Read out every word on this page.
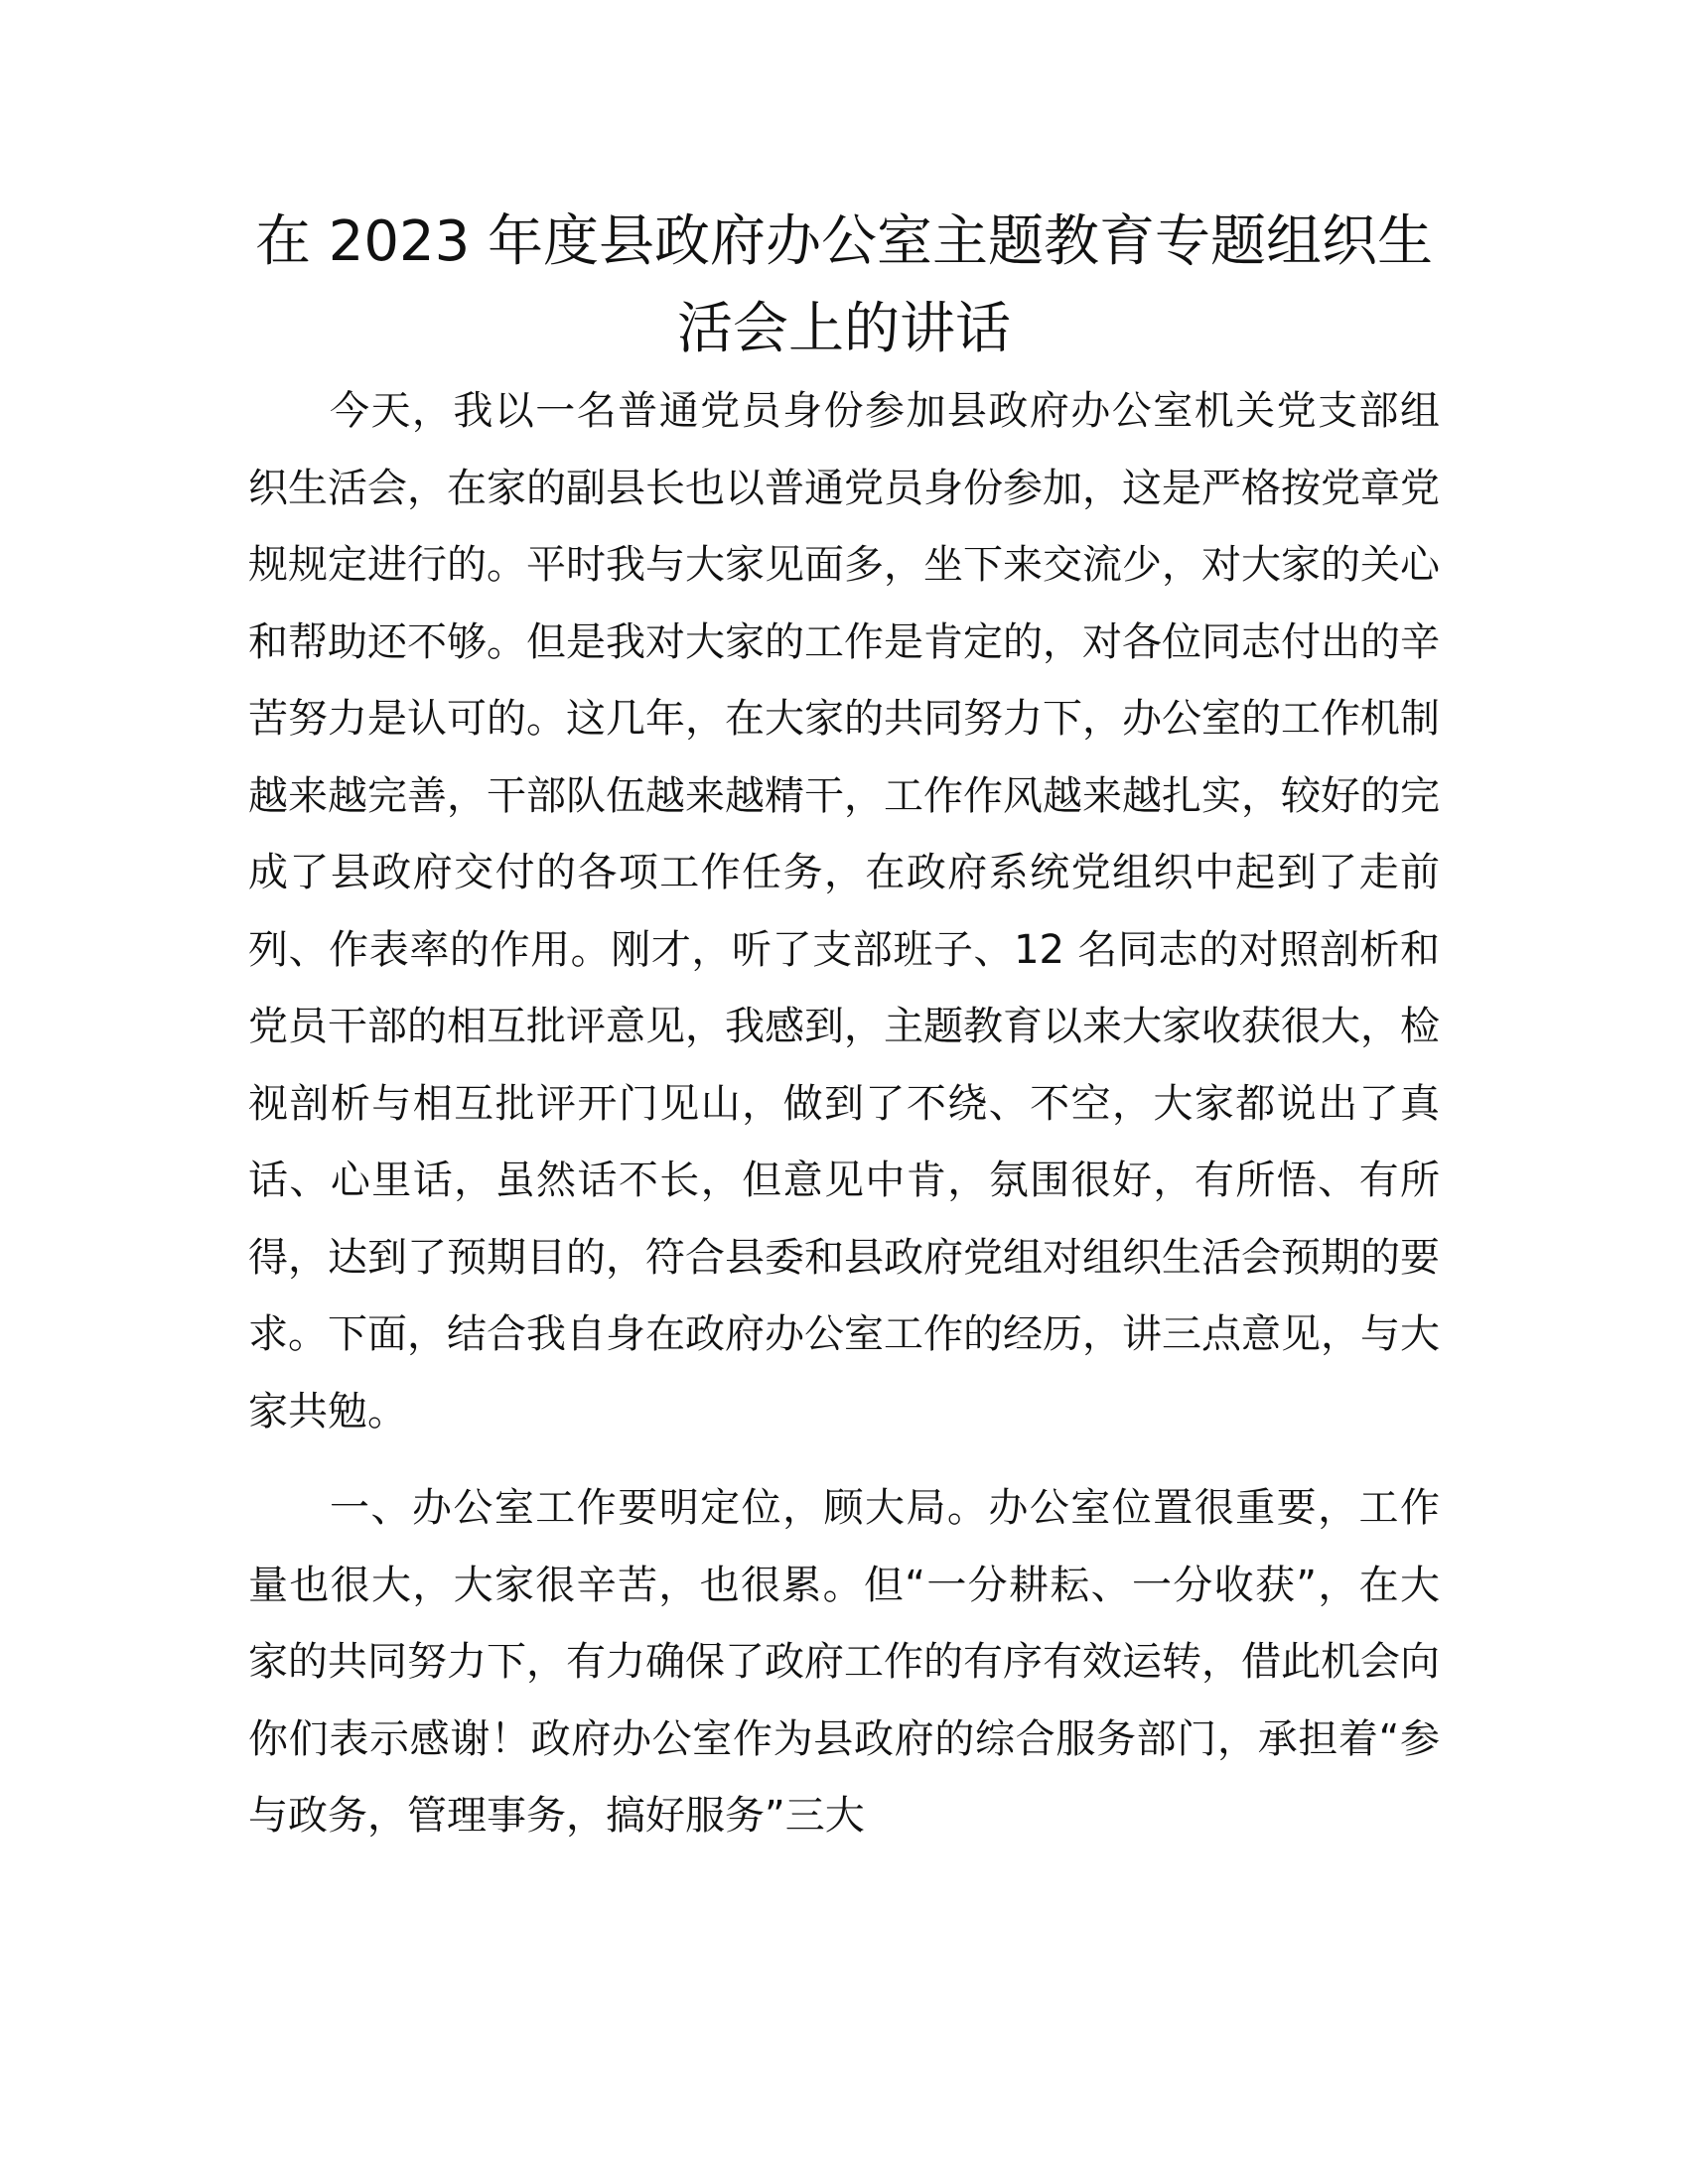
在 2023 年度县政府办公室主题教育专题组织生
活会上的讲话

今天，我以一名普通党员身份参加县政府办公室机关党支部组织生活会，在家的副县长也以普通党员身份参加，这是严格按党章党规规定进行的。平时我与大家见面多，坐下来交流少，对大家的关心和帮助还不够。但是我对大家的工作是肯定的，对各位同志付出的辛苦努力是认可的。这几年，在大家的共同努力下，办公室的工作机制越来越完善，干部队伍越来越精干，工作作风越来越扎实，较好的完成了县政府交付的各项工作任务，在政府系统党组织中起到了走前列、作表率的作用。刚才，听了支部班子、12 名同志的对照剖析和党员干部的相互批评意见，我感到，主题教育以来大家收获很大，检视剖析与相互批评开门见山，做到了不绕、不空，大家都说出了真话、心里话，虽然话不长，但意见中肯，氛围很好，有所悟、有所得，达到了预期目的，符合县委和县政府党组对组织生活会预期的要求。下面，结合我自身在政府办公室工作的经历，讲三点意见，与大家共勉。

一、办公室工作要明定位，顾大局。办公室位置很重要，工作量也很大，大家很辛苦，也很累。但“一分耕耘、一分收获”，在大家的共同努力下，有力确保了政府工作的有序有效运转，借此机会向你们表示感谢！政府办公室作为县政府的综合服务部门，承担着“参与政务，管理事务，搞好服务”三大
